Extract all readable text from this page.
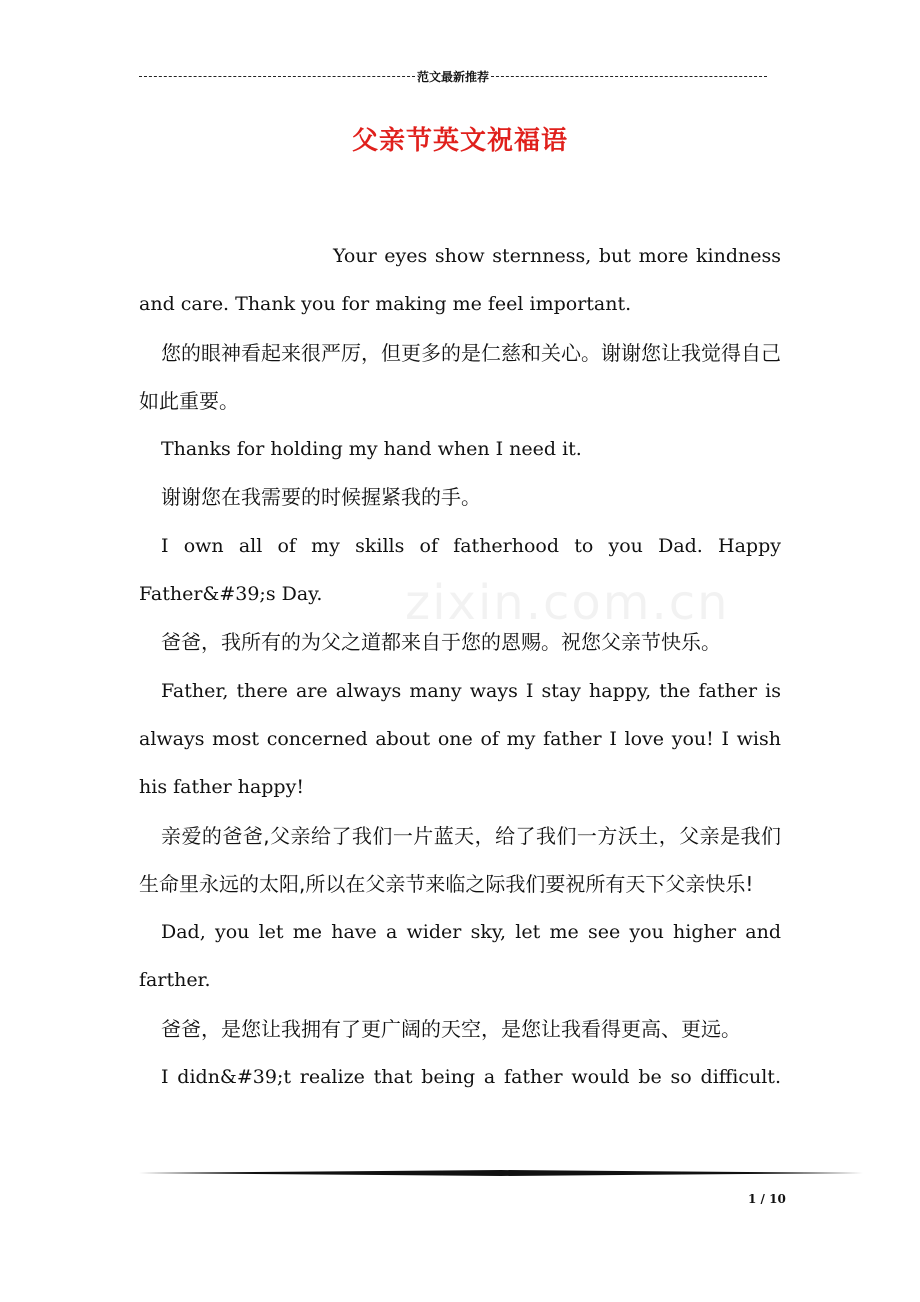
范文最新推荐
父亲节英文祝福语
zixin.com.cn

Your eyes show sternness, but more kindness and care. Thank you for making me feel important.

您的眼神看起来很严厉，但更多的是仁慈和关心。谢谢您让我觉得自己如此重要。

Thanks for holding my hand when I need it.

谢谢您在我需要的时候握紧我的手。

I own all of my skills of fatherhood to you Dad. Happy Father&#39;s Day.

爸爸，我所有的为父之道都来自于您的恩赐。祝您父亲节快乐。

Father, there are always many ways I stay happy, the father is always most concerned about one of my father I love you! I wish his father happy!

亲爱的爸爸,父亲给了我们一片蓝天，给了我们一方沃土，父亲是我们生命里永远的太阳,所以在父亲节来临之际我们要祝所有天下父亲快乐!

Dad, you let me have a wider sky, let me see you higher and farther.

爸爸，是您让我拥有了更广阔的天空，是您让我看得更高、更远。

I didn&#39;t realize that being a father would be so difficult.

1 / 10
